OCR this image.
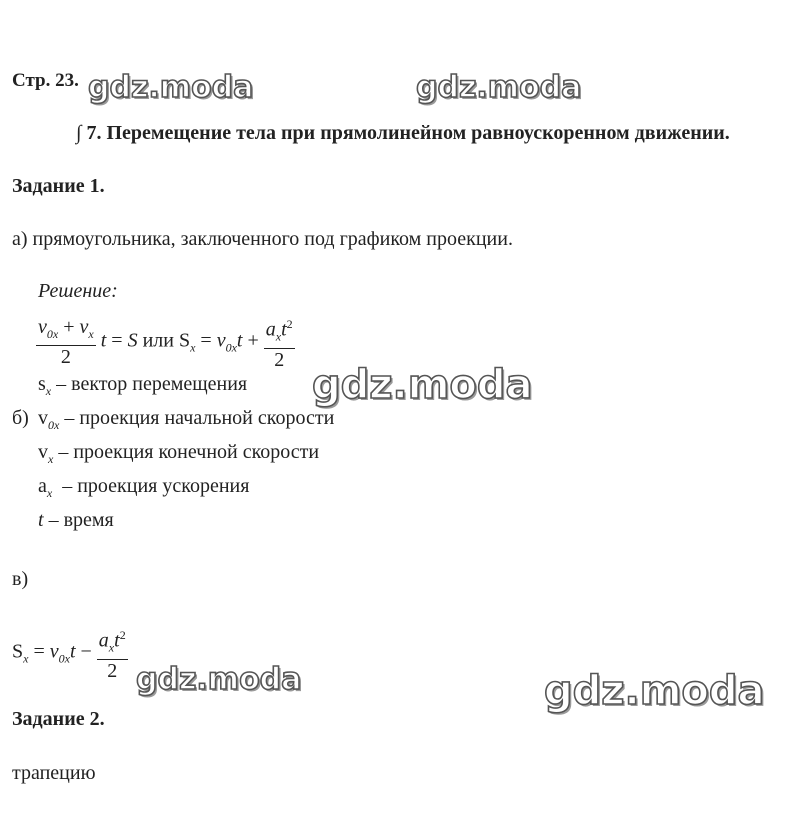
Стр. 23.
∫ 7. Перемещение тела при прямолинейном равноускоренном движении.
Задание 1.
а) прямоугольника, заключенного под графиком проекции.
Решение:
$\frac{v_{0x} + v_x}{2}$ t = S или $S_x = v_{0x}t + \frac{a_xt^2}{2}$
$s_x$ – вектор перемещения
б) $v_{0x}$ – проекция начальной скорости
$v_x$ – проекция конечной скорости
$a_x$ – проекция ускорения
t – время
в)
$S_x = v_{0x}t - \frac{a_xt^2}{2}$
Задание 2.
трапецию
gdz.moda	gdz.moda
gdz.moda
gdz.moda	gdz.moda
